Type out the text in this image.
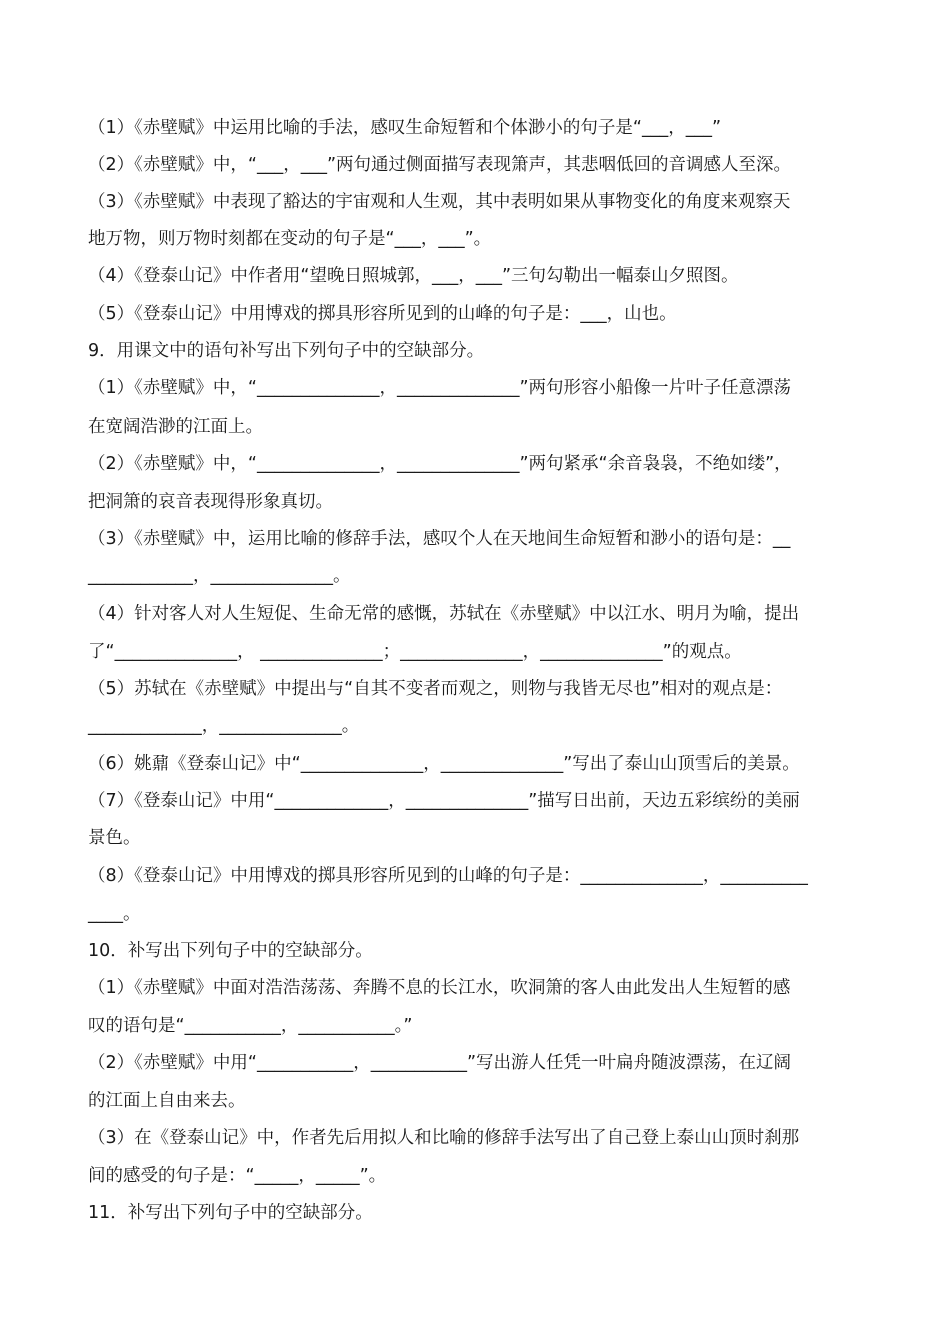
（1）《赤壁赋》中运用比喻的手法，感叹生命短暂和个体渺小的句子是“___，___”
（2）《赤壁赋》中，“___，___”两句通过侧面描写表现箫声，其悲咽低回的音调感人至深。
（3）《赤壁赋》中表现了豁达的宇宙观和人生观，其中表明如果从事物变化的角度来观察天
地万物，则万物时刻都在变动的句子是“___，___”。
（4）《登泰山记》中作者用“望晚日照城郭，___，___”三句勾勒出一幅泰山夕照图。
（5）《登泰山记》中用博戏的掷具形容所见到的山峰的句子是：___，山也。
9．用课文中的语句补写出下列句子中的空缺部分。
（1）《赤壁赋》中，“______________，______________”两句形容小船像一片叶子任意漂荡
在宽阔浩渺的江面上。
（2）《赤壁赋》中，“______________，______________”两句紧承“余音袅袅，不绝如缕”，
把洞箫的哀音表现得形象真切。
（3）《赤壁赋》中，运用比喻的修辞手法，感叹个人在天地间生命短暂和渺小的语句是：__
____________，______________。
（4）针对客人对人生短促、生命无常的感慨，苏轼在《赤壁赋》中以江水、明月为喻，提出
了“______________， ______________；______________，______________”的观点。
（5）苏轼在《赤壁赋》中提出与“自其不变者而观之，则物与我皆无尽也”相对的观点是：
_____________，______________。
（6）姚鼐《登泰山记》中“______________，______________”写出了泰山山顶雪后的美景。
（7）《登泰山记》中用“_____________，______________”描写日出前，天边五彩缤纷的美丽
景色。
（8）《登泰山记》中用博戏的掷具形容所见到的山峰的句子是：______________，__________
____。
10．补写出下列句子中的空缺部分。
（1）《赤壁赋》中面对浩浩荡荡、奔腾不息的长江水，吹洞箫的客人由此发出人生短暂的感
叹的语句是“___________，___________。”
（2）《赤壁赋》中用“___________，___________”写出游人任凭一叶扁舟随波漂荡，在辽阔
的江面上自由来去。
（3）在《登泰山记》中，作者先后用拟人和比喻的修辞手法写出了自己登上泰山山顶时刹那
间的感受的句子是：“_____，_____”。
11．补写出下列句子中的空缺部分。
